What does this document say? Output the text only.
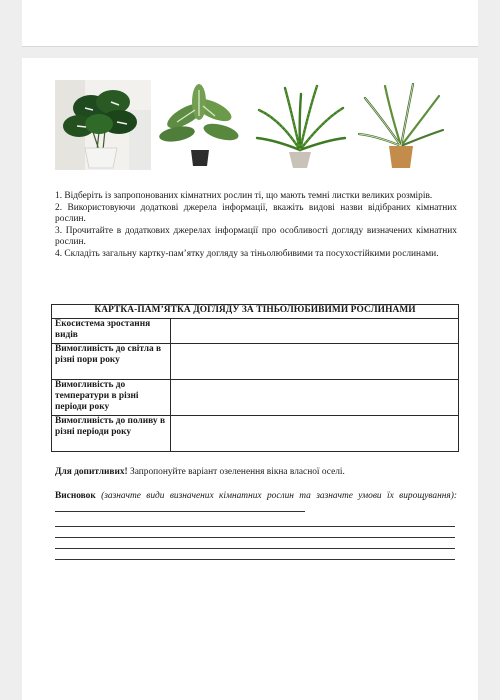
1. Відберіть із запропонованих кімнатних рослин ті, що мають темні листки великих розмірів.

2. Використовуючи додаткові джерела інформації, вкажіть видові назви відібраних кімнатних рослин.

3. Прочитайте в додаткових джерелах інформації про особливості догляду визначених кімнатних рослин.

4. Складіть загальну картку-пам’ятку догляду за тіньолюбивими та посухостійкими рослинами.

КАРТКА-ПАМ’ЯТКА ДОГЛЯДУ ЗА ТІНЬОЛЮБИВИМИ РОСЛИНАМИ	
Екосистема зростання видів	
Вимогливість до світла в різні пори року	
Вимогливість до температури в різні періоди року	
Вимогливість до поливу в різні періоди року	
Для допитливих! Запропонуйте варіант озеленення вікна власної оселі.
Висновок (зазначте види визначених кімнатних рослин та зазначте умови їх вирощування):
